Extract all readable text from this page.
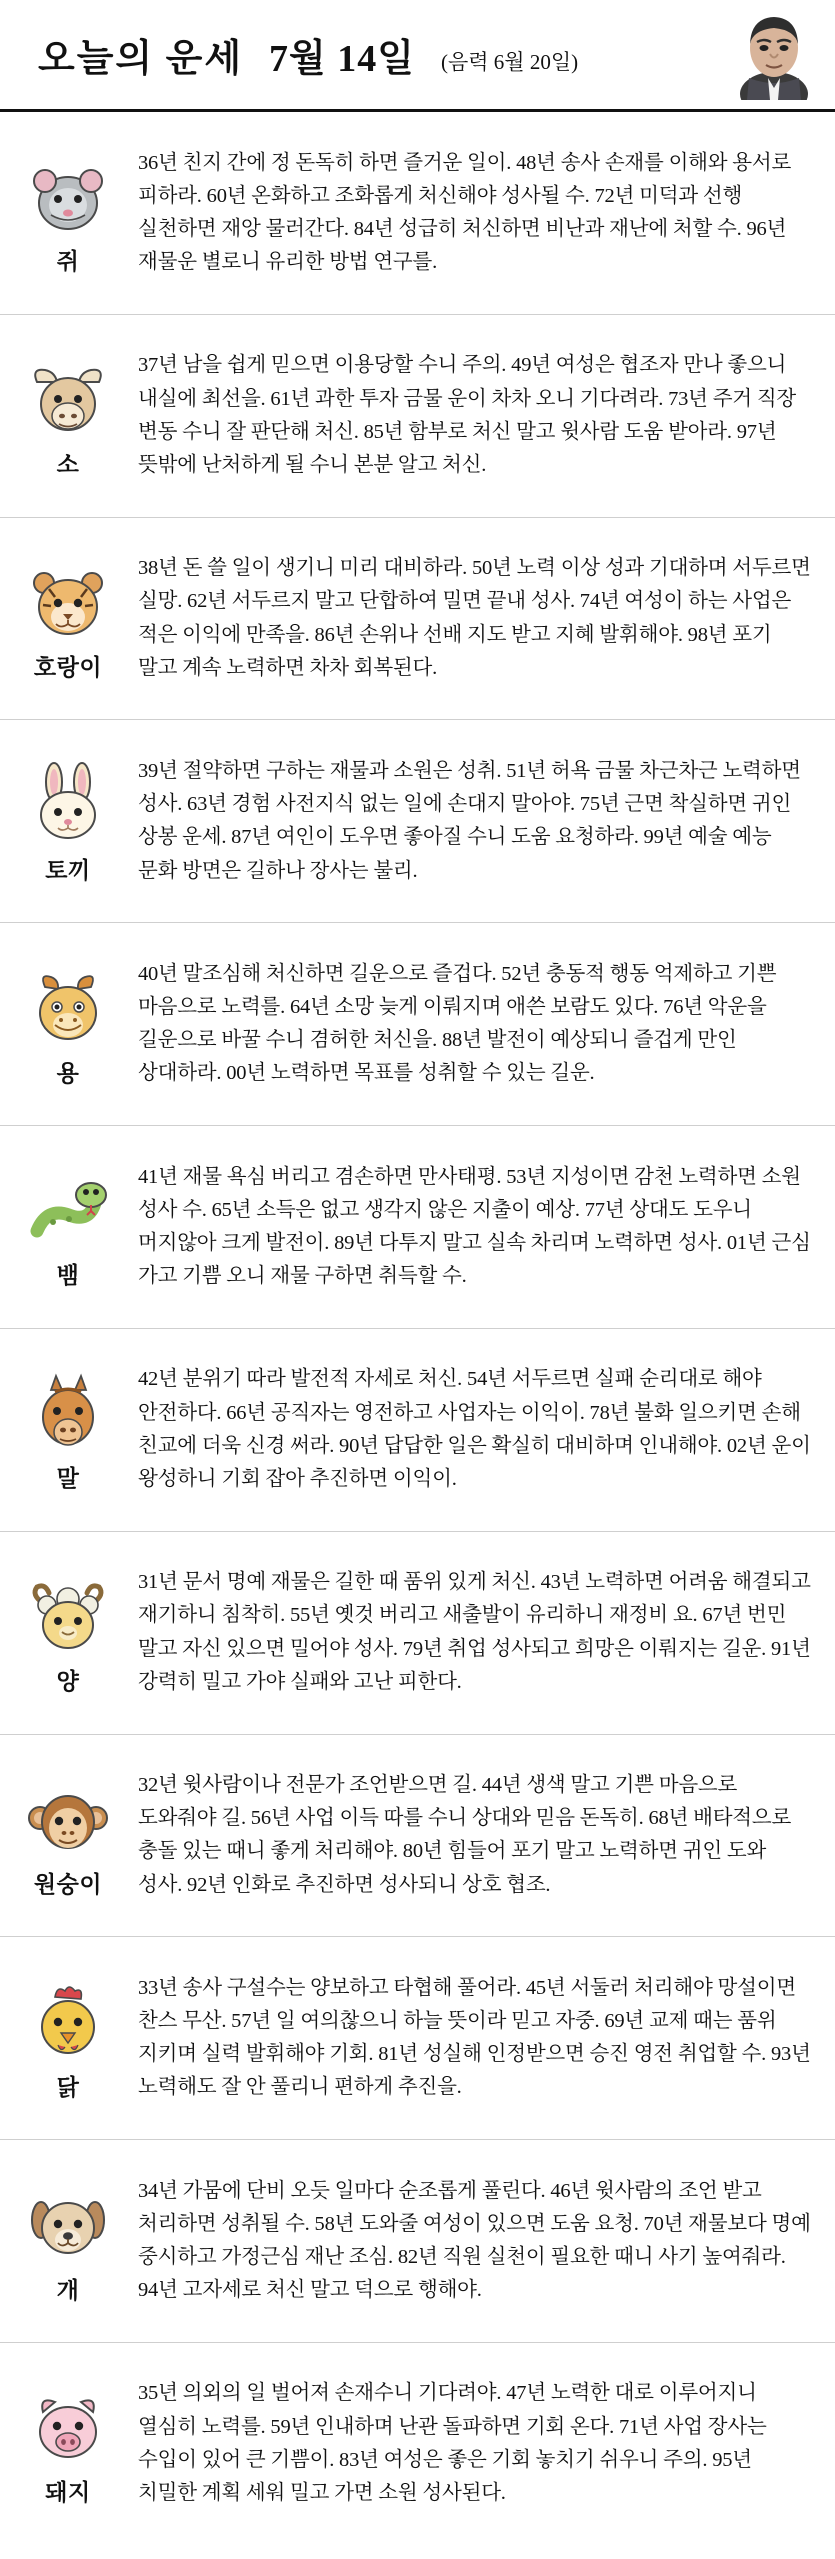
오늘의 운세 7월 14일 (음력 6월 20일)
쥐

36년 친지 간에 정 돈독히 하면 즐거운 일이. 48년 송사 손재를 이해와 용서로 피하라. 60년 온화하고 조화롭게 처신해야 성사될 수. 72년 미덕과 선행 실천하면 재앙 물러간다. 84년 성급히 처신하면 비난과 재난에 처할 수. 96년 재물운 별로니 유리한 방법 연구를.

소

37년 남을 쉽게 믿으면 이용당할 수니 주의. 49년 여성은 협조자 만나 좋으니 내실에 최선을. 61년 과한 투자 금물 운이 차차 오니 기다려라. 73년 주거 직장 변동 수니 잘 판단해 처신. 85년 함부로 처신 말고 윗사람 도움 받아라. 97년 뜻밖에 난처하게 될 수니 본분 알고 처신.

호랑이

38년 돈 쓸 일이 생기니 미리 대비하라. 50년 노력 이상 성과 기대하며 서두르면 실망. 62년 서두르지 말고 단합하여 밀면 끝내 성사. 74년 여성이 하는 사업은 적은 이익에 만족을. 86년 손위나 선배 지도 받고 지혜 발휘해야. 98년 포기 말고 계속 노력하면 차차 회복된다.

토끼

39년 절약하면 구하는 재물과 소원은 성취. 51년 허욕 금물 차근차근 노력하면 성사. 63년 경험 사전지식 없는 일에 손대지 말아야. 75년 근면 착실하면 귀인 상봉 운세. 87년 여인이 도우면 좋아질 수니 도움 요청하라. 99년 예술 예능 문화 방면은 길하나 장사는 불리.

용

40년 말조심해 처신하면 길운으로 즐겁다. 52년 충동적 행동 억제하고 기쁜 마음으로 노력를. 64년 소망 늦게 이뤄지며 애쓴 보람도 있다. 76년 악운을 길운으로 바꿀 수니 겸허한 처신을. 88년 발전이 예상되니 즐겁게 만인 상대하라. 00년 노력하면 목표를 성취할 수 있는 길운.

뱀

41년 재물 욕심 버리고 겸손하면 만사태평. 53년 지성이면 감천 노력하면 소원 성사 수. 65년 소득은 없고 생각지 않은 지출이 예상. 77년 상대도 도우니 머지않아 크게 발전이. 89년 다투지 말고 실속 차리며 노력하면 성사. 01년 근심 가고 기쁨 오니 재물 구하면 취득할 수.

말

42년 분위기 따라 발전적 자세로 처신. 54년 서두르면 실패 순리대로 해야 안전하다. 66년 공직자는 영전하고 사업자는 이익이. 78년 불화 일으키면 손해 친교에 더욱 신경 써라. 90년 답답한 일은 확실히 대비하며 인내해야. 02년 운이 왕성하니 기회 잡아 추진하면 이익이.

양

31년 문서 명예 재물은 길한 때 품위 있게 처신. 43년 노력하면 어려움 해결되고 재기하니 침착히. 55년 옛것 버리고 새출발이 유리하니 재정비 요. 67년 번민 말고 자신 있으면 밀어야 성사. 79년 취업 성사되고 희망은 이뤄지는 길운. 91년 강력히 밀고 가야 실패와 고난 피한다.

원숭이

32년 윗사람이나 전문가 조언받으면 길. 44년 생색 말고 기쁜 마음으로 도와줘야 길. 56년 사업 이득 따를 수니 상대와 믿음 돈독히. 68년 배타적으로 충돌 있는 때니 좋게 처리해야. 80년 힘들어 포기 말고 노력하면 귀인 도와 성사. 92년 인화로 추진하면 성사되니 상호 협조.

닭

33년 송사 구설수는 양보하고 타협해 풀어라. 45년 서둘러 처리해야 망설이면 찬스 무산. 57년 일 여의찮으니 하늘 뜻이라 믿고 자중. 69년 교제 때는 품위 지키며 실력 발휘해야 기회. 81년 성실해 인정받으면 승진 영전 취업할 수. 93년 노력해도 잘 안 풀리니 편하게 추진을.

개

34년 가뭄에 단비 오듯 일마다 순조롭게 풀린다. 46년 윗사람의 조언 받고 처리하면 성취될 수. 58년 도와줄 여성이 있으면 도움 요청. 70년 재물보다 명예 중시하고 가정근심 재난 조심. 82년 직원 실천이 필요한 때니 사기 높여줘라. 94년 고자세로 처신 말고 덕으로 행해야.

돼지

35년 의외의 일 벌어져 손재수니 기다려야. 47년 노력한 대로 이루어지니 열심히 노력를. 59년 인내하며 난관 돌파하면 기회 온다. 71년 사업 장사는 수입이 있어 큰 기쁨이. 83년 여성은 좋은 기회 놓치기 쉬우니 주의. 95년 치밀한 계획 세워 밀고 가면 소원 성사된다.
